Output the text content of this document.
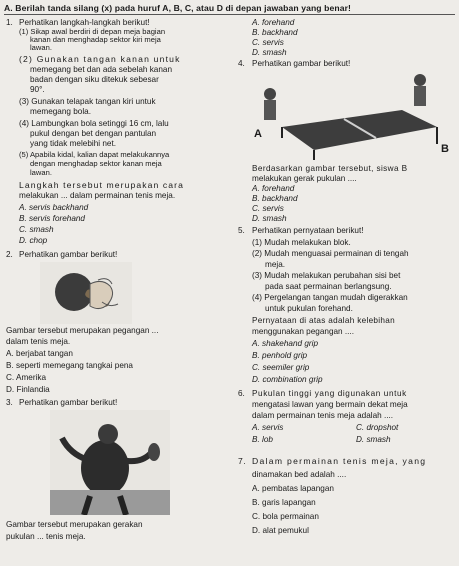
A. Berilah tanda silang (x) pada huruf A, B, C, atau D di depan jawaban yang benar!
1. Perhatikan langkah-langkah berikut!
(1) Sikap awal berdiri di depan meja bagian
kanan dan menghadap sektor kiri meja
lawan.
(2) Gunakan tangan kanan untuk
memegang bet dan ada sebelah kanan
badan dengan siku ditekuk sebesar
90°.
(3) Gunakan telapak tangan kiri untuk
memegang bola.
(4) Lambungkan bola setinggi 16 cm, lalu
pukul dengan bet dengan pantulan
yang tidak melebihi net.
(5) Apabila kidal, kalian dapat melakukannya
dengan menghadap sektor kanan meja
lawan.
Langkah tersebut merupakan cara
melakukan ... dalam permainan tenis meja.
A. servis backhand
B. servis forehand
C. smash
D. chop
2. Perhatikan gambar berikut!
Gambar tersebut merupakan pegangan ...
dalam tenis meja.
A. berjabat tangan
B. seperti memegang tangkai pena
C. Amerika
D. Finlandia
3. Perhatikan gambar berikut!
Gambar tersebut merupakan gerakan
pukulan ... tenis meja.
A. forehand
B. backhand
C. servis
D. smash
4. Perhatikan gambar berikut!
A
B
Berdasarkan gambar tersebut, siswa B
melakukan gerak pukulan ....
A. forehand
B. backhand
C. servis
D. smash
5. Perhatikan pernyataan berikut!
(1) Mudah melakukan blok.
(2) Mudah menguasai permainan di tengah
meja.
(3) Mudah melakukan perubahan sisi bet
pada saat permainan berlangsung.
(4) Pergelangan tangan mudah digerakkan
untuk pukulan forehand.
Pernyataan di atas adalah kelebihan
menggunakan pegangan ....
A. shakehand grip
B. penhold grip
C. seemiler grip
D. combination grip
6. Pukulan tinggi yang digunakan untuk
mengatasi lawan yang bermain dekat meja
dalam permainan tenis meja adalah ....
A. servis	C. dropshot
B. lob	D. smash
7. Dalam permainan tenis meja, yang
dinamakan bed adalah ....
A. pembatas lapangan
B. garis lapangan
C. bola permainan
D. alat pemukul
